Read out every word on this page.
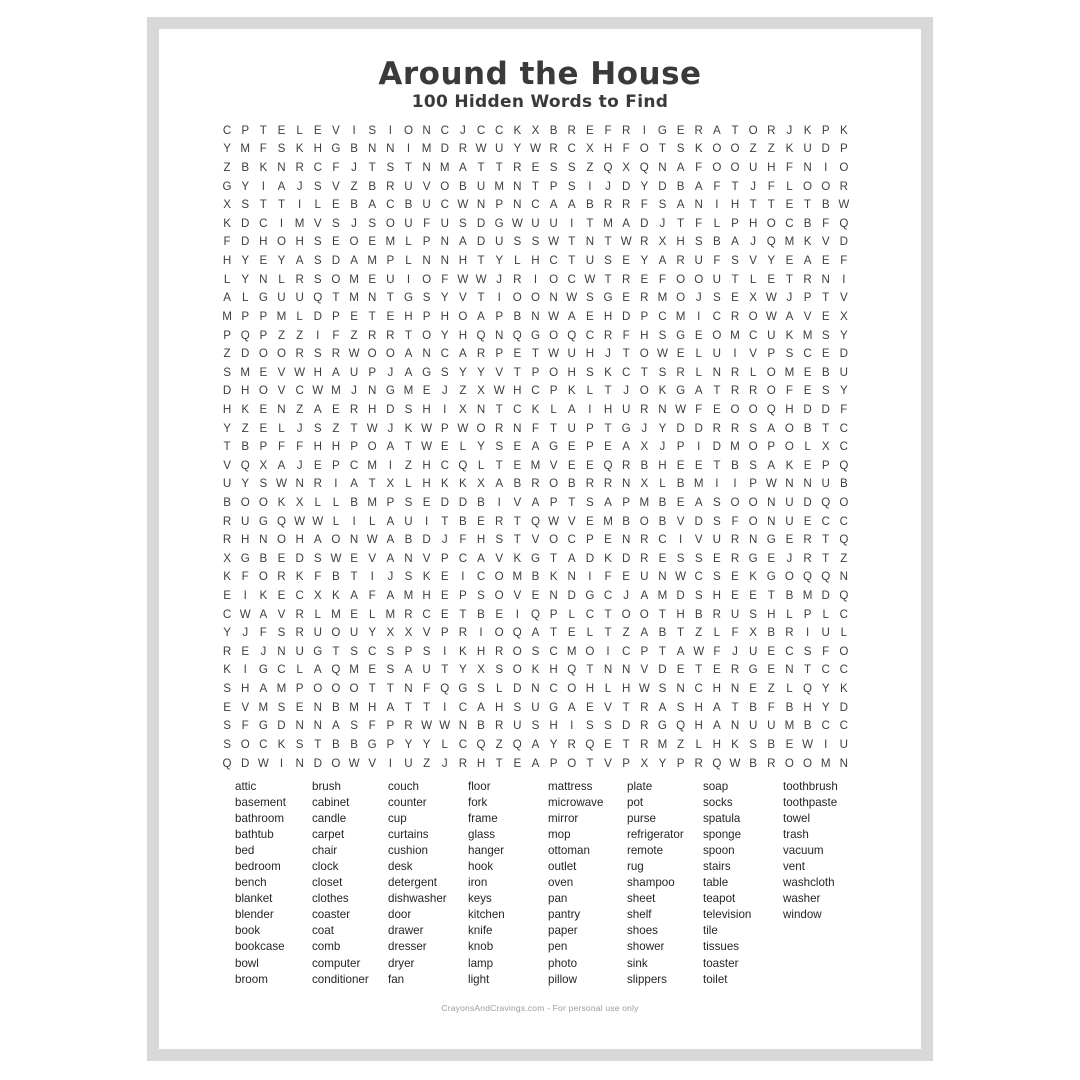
Around the House
100 Hidden Words to Find
C P T E L E V	I	S	I	O N C J C C K X B R E F R	I	G E R A T O R J K P K
Y M F S K H G B N N	I	M D R W U Y W R C X H F O T S K O O Z Z K U D P
Z B K N R C F	J	T S T N M A T T R E S S Z Q X Q N A F O O U H F N	I	O
G Y	I	A J S V Z B R U V O B U M N T P S	I	J D Y D B A F T	J	F L O O R
X S T T	I	L E B A C B U C W N P N C A A B R R F S A N	I	H T T E T B W
K D C	I	M V S J S O U F U S D G W U U	I	T M A D J	T F L P H O C B F Q
F D H O H S E O E M L P N A D U S S W T N T W R X H S B A J Q M K V D
H Y E Y A S D A M P L N N H T Y L H C T U S E Y A R U F S V Y E A E F
L Y N L R S O M E U	I	O F W W J R	I	O C W T R E F O O U T L E T R N	I
A L G U U Q T M N T G S Y V T	I	O O N W S G E R M O J S E X W J P T V
M P P M L D P E T E H P H O A P B N W A E H D P C M	I	C R O W A V E X
P Q P Z Z	I	F Z R R T O Y H Q N Q G O Q C R F H S G E O M C U K M S Y
Z D O O R S R W O O A N C A R P E T W U H J	T O W E L U	I	V P S C E D
S M E V W H A U P J A G S Y Y V T P O H S K C T S R L N R L O M E B U
D H O V C W M J N G M E J	Z X W H C P K L T	J O K G A T R R O F E S Y
H K E N Z A E R H D S H	I	X N T C K L A	I	H U R N W F E O O Q H D D F
Y Z E L	J S Z T W J K W P W O R N F T U P T G J Y D D R R S A O B T C
T B P F F H H P O A T W E L Y S E A G E P E A X J P	I	D M O P O L X C
V Q X A J E P C M	I	Z H C Q L T E M V E E Q R B H E E T B S A K E P Q
U Y S W N R	I	A T X L H K K X A B R O B R R N X L B M	I	I	P W N N U B
B O O K X L	L B M P S E D D B	I	V A P T S A P M B E A S O O N U D Q O
R U G Q W W L	I	L A U	I	T B E R T Q W V E M B O B V D S F O N U E C C
R H N O H A O N W A B D J	F H S T V O C P E N R C	I	V U R N G E R T Q
X G B E D S W E V A N V P C A V K G T A D K D R E S S E R G E J R T Z
K F O R K F B T	I	J S K E	I	C O M B K N	I	F E U N W C S E K G O Q Q N
E	I	K E C X K A F A M H E P S O V E N D G C J A M D S H E E T B M D Q
C W A V R L M E L M R C E T B E	I	Q P L C T O O T H B R U S H L P L C
Y J	F S R U O U Y X X V P R	I	O Q A T E L T Z A B T Z L F X B R	I	U L
R E J N U G T S C S P S	I	K H R O S C M O	I	C P T A W F	J U E C S F O
K	I	G C L A Q M E S A U T Y X S O K H Q T N N V D E T E R G E N T C C
S H A M P O O O T T N F Q G S L D N C O H L H W S N C H N E Z L Q Y K
E V M S E N B M H A T T	I	C A H S U G A E V T R A S H A T B F B H Y D
S F G D N N A S F P R W W N B R U S H	I	S S D R G Q H A N U U M B C C
S O C K S T B B G P Y Y L C Q Z Q A Y R Q E T R M Z L H K S B E W I	U
Q D W I	N D O W V	I	U Z	J R H T E A P O T V P X Y P R Q W B R O O M N
attic
basement
bathroom
bathtub
bed
bedroom
bench
blanket
blender
book
bookcase
bowl
broom
brush
cabinet
candle
carpet
chair
clock
closet
clothes
coaster
coat
comb
computer
conditioner
couch
counter
cup
curtains
cushion
desk
detergent
dishwasher
door
drawer
dresser
dryer
fan
floor
fork
frame
glass
hanger
hook
iron
keys
kitchen
knife
knob
lamp
light
mattress
microwave
mirror
mop
ottoman
outlet
oven
pan
pantry
paper
pen
photo
pillow
plate
pot
purse
refrigerator
remote
rug
shampoo
sheet
shelf
shoes
shower
sink
slippers
soap
socks
spatula
sponge
spoon
stairs
table
teapot
television
tile
tissues
toaster
toilet
toothbrush
toothpaste
towel
trash
vacuum
vent
washcloth
washer
window
CrayonsAndCravings.com - For personal use only
